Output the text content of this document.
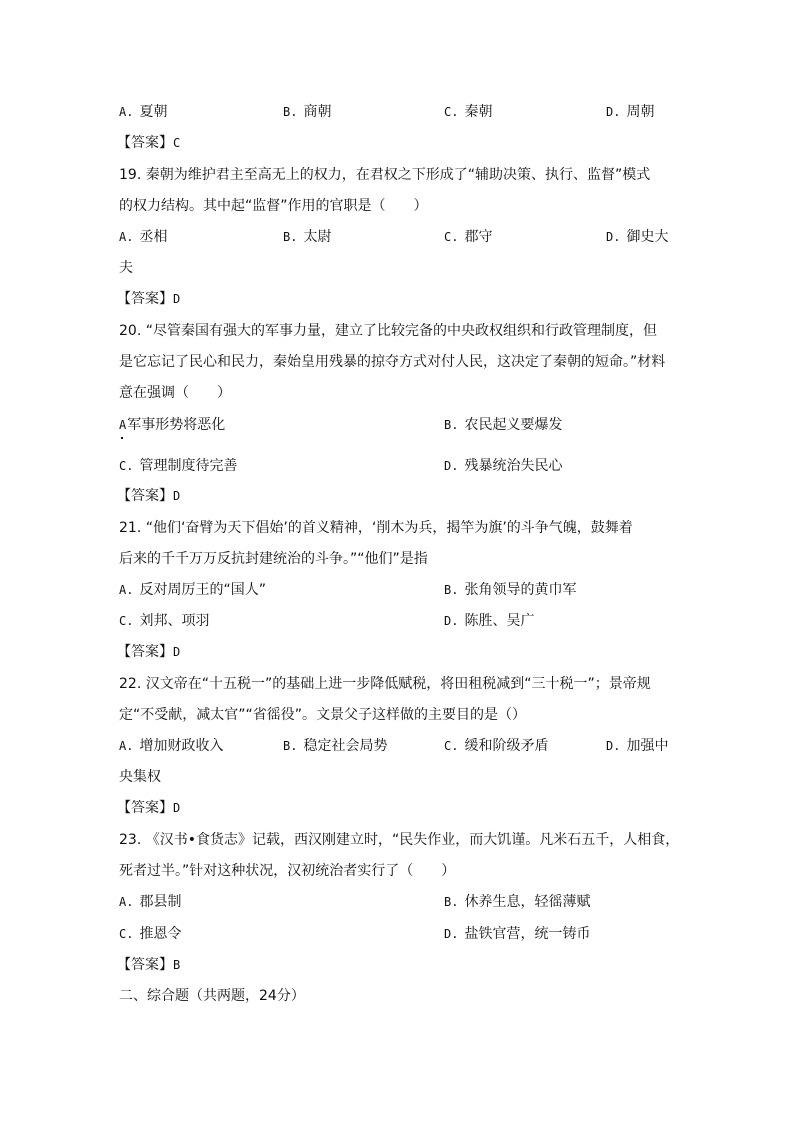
A. 夏朝	B. 商朝	C. 秦朝	D. 周朝
【答案】C
19. 秦朝为维护君主至高无上的权力，在君权之下形成了“辅助决策、执行、监督”模式
的权力结构。其中起“监督”作用的官职是（　　）
A. 丞相	B. 太尉	C. 郡守	D. 御史大
夫
【答案】D
20. “尽管秦国有强大的军事力量，建立了比较完备的中央政权组织和行政管理制度，但
是它忘记了民心和民力，秦始皇用残暴的掠夺方式对付人民，这决定了秦朝的短命。”材料
意在强调（　　）
A军事形势将恶化	B. 农民起义要爆发
C. 管理制度待完善	D. 残暴统治失民心
【答案】D
21. “他们‘奋臂为天下倡始’的首义精神，‘削木为兵，揭竿为旗’的斗争气魄，鼓舞着
后来的千千万万反抗封建统治的斗争。”“他们”是指
A. 反对周厉王的“国人”	B. 张角领导的黄巾军
C. 刘邦、项羽	D. 陈胜、吴广
【答案】D
22. 汉文帝在“十五税一”的基础上进一步降低赋税，将田租税减到“三十税一”；景帝规
定“不受献，减太官”“省徭役”。文景父子这样做的主要目的是（）
A. 增加财政收入	B. 稳定社会局势	C. 缓和阶级矛盾	D. 加强中
央集权
【答案】D
23. 《汉书•食货志》记载，西汉刚建立时，“民失作业，而大饥谨。凡米石五千，人相食，
死者过半。”针对这种状况，汉初统治者实行了（　　）
A. 郡县制	B. 休养生息，轻徭薄赋
C. 推恩令	D. 盐铁官营，统一铸币
【答案】B
二、综合题（共两题，24分）
